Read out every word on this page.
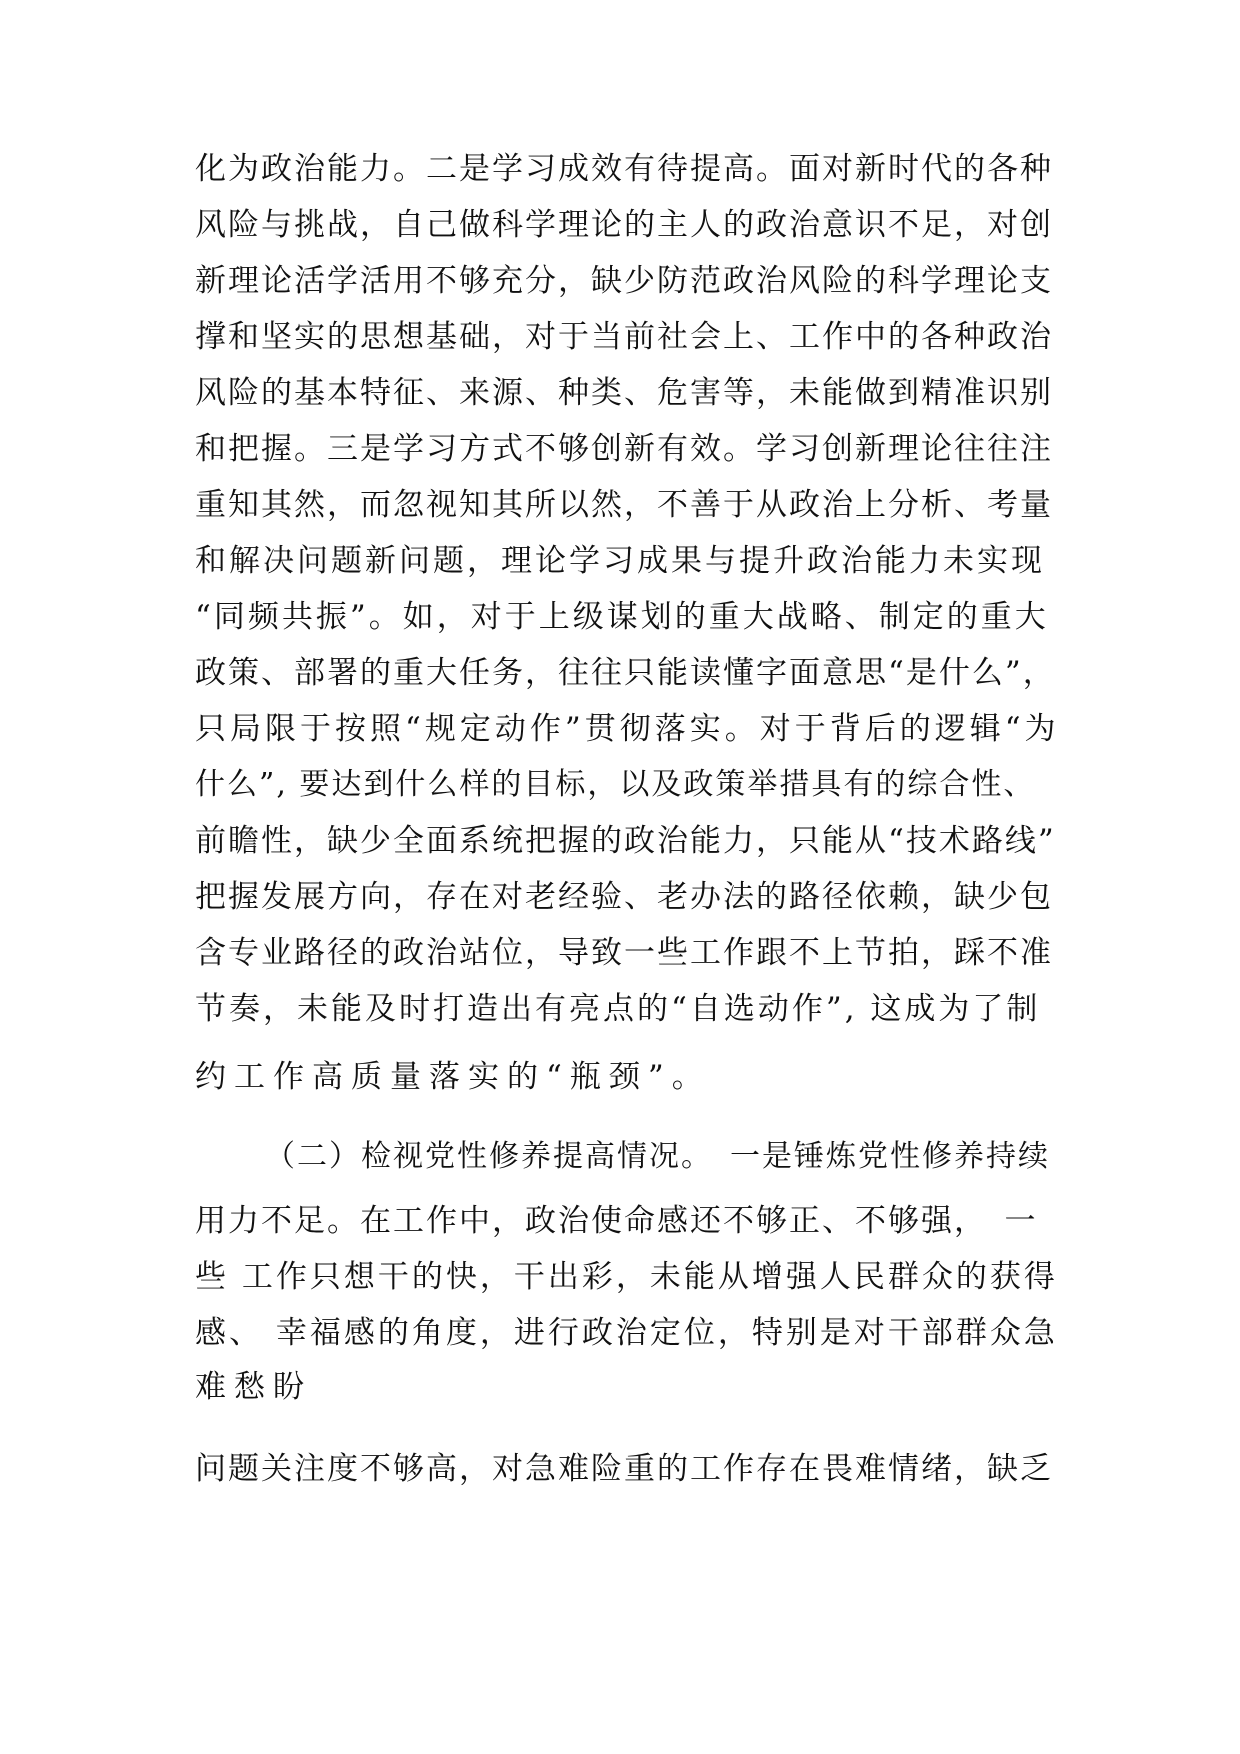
化为政治能力。二是学习成效有待提高。面对新时代的各种
风险与挑战，自己做科学理论的主人的政治意识不足，对创
新理论活学活用不够充分，缺少防范政治风险的科学理论支
撑和坚实的思想基础，对于当前社会上、工作中的各种政治
风险的基本特征、来源、种类、危害等，未能做到精准识别
和把握。三是学习方式不够创新有效。学习创新理论往往注
重知其然，而忽视知其所以然，不善于从政治上分析、考量
和解决问题新问题，理论学习成果与提升政治能力未实现
“同频共振”。如，对于上级谋划的重大战略、制定的重大
政策、部署的重大任务，往往只能读懂字面意思“是什么”，
只局限于按照“规定动作”贯彻落实。对于背后的逻辑“为
什么”, 要达到什么样的目标，以及政策举措具有的综合性、
前瞻性，缺少全面系统把握的政治能力，只能从“技术路线”
把握发展方向，存在对老经验、老办法的路径依赖，缺少包
含专业路径的政治站位，导致一些工作跟不上节拍，踩不准
节奏，未能及时打造出有亮点的“自选动作”, 这成为了制
约工作高质量落实的“瓶颈”。
（二）检视党性修养提高情况。　一是锤炼党性修养持续
用力不足。在工作中，政治使命感还不够正、不够强，　一
些 工作只想干的快，干出彩，未能从增强人民群众的获得
感、 幸福感的角度，进行政治定位，特别是对干部群众急
难愁盼
问题关注度不够高，对急难险重的工作存在畏难情绪，缺乏
